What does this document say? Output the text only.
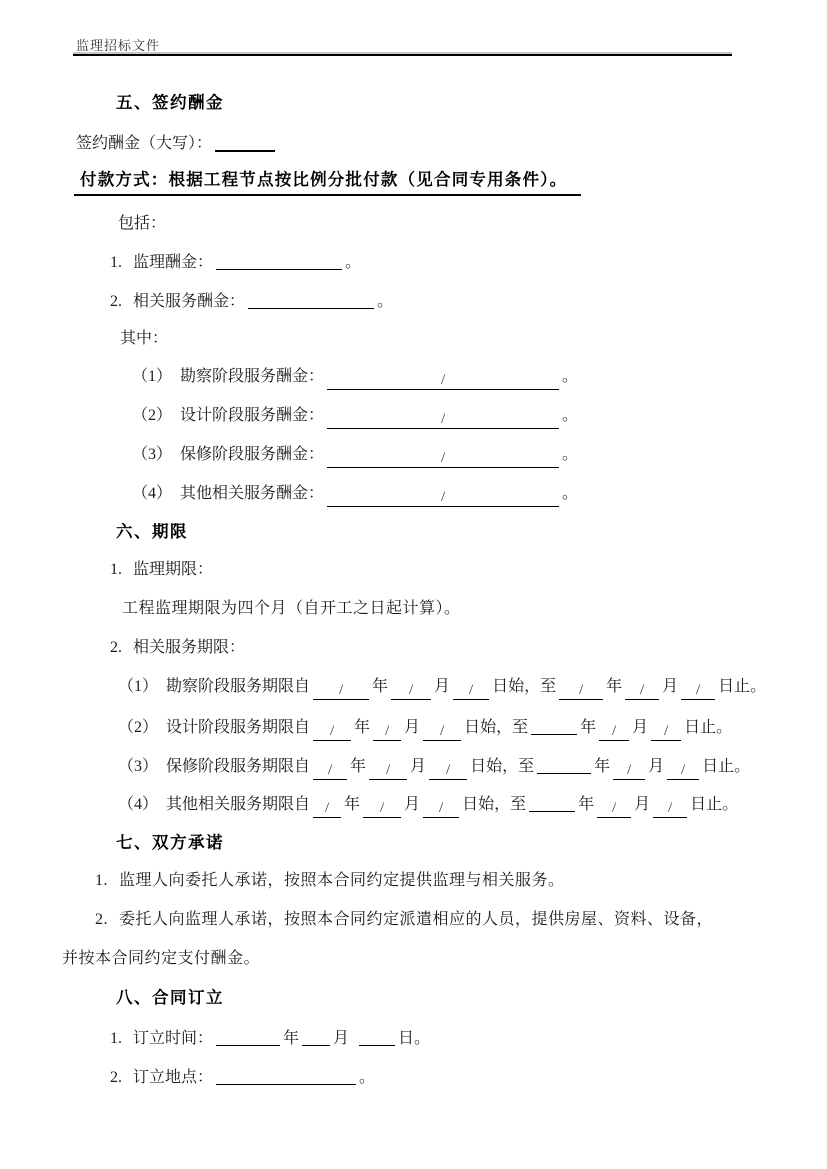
监理招标文件
五、签约酬金
签约酬金（大写）：
付款方式：根据工程节点按比例分批付款（见合同专用条件）。
包括：
1. 监理酬金：	。
2. 相关服务酬金：	。
其中：
（1） 勘察阶段服务酬金：	/	。
（2） 设计阶段服务酬金：	/	。
（3） 保修阶段服务酬金：	/	。
（4） 其他相关服务酬金：	/	。
六、期限
1. 监理期限：
工程监理期限为四个月（自开工之日起计算）。
2. 相关服务期限：
（1） 勘察阶段服务期限自 / 年 / 月 / 日始，至 / 年 / 月 / 日止。
（2） 设计阶段服务期限自 / 年 / 月 / 日始，至	年 / 月 / 日止。
（3） 保修阶段服务期限自 / 年 / 月 / 日始，至	年 / 月 / 日止。
（4） 其他相关服务期限自 / 年 / 月 / 日始，至	年 / 月 / 日止。
七、双方承诺
1. 监理人向委托人承诺，按照本合同约定提供监理与相关服务。
2. 委托人向监理人承诺，按照本合同约定派遣相应的人员，提供房屋、资料、设备，
并按本合同约定支付酬金。
八、合同订立
1. 订立时间：	年 月	日。
2. 订立地点：	。
